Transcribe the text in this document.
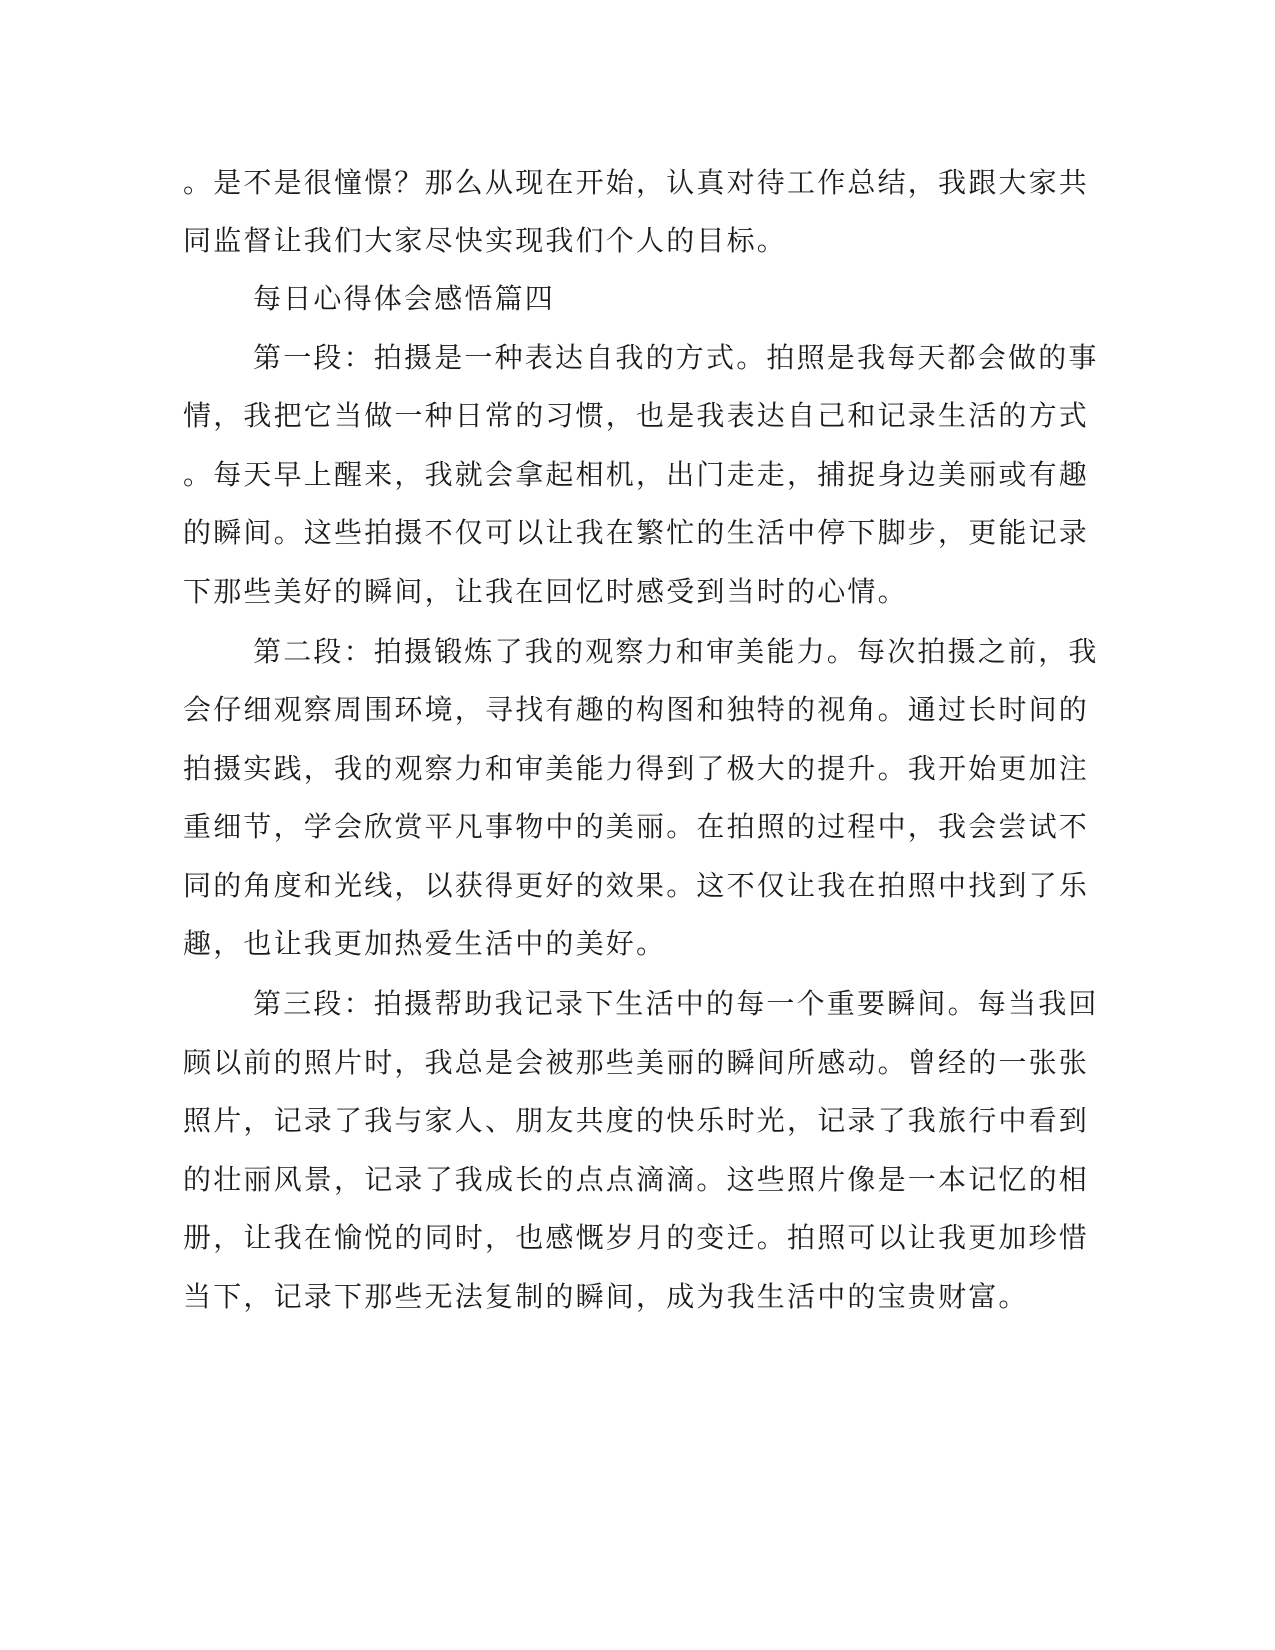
。是不是很憧憬？那么从现在开始，认真对待工作总结，我跟大家共
同监督让我们大家尽快实现我们个人的目标。
每日心得体会感悟篇四
第一段：拍摄是一种表达自我的方式。拍照是我每天都会做的事
情，我把它当做一种日常的习惯，也是我表达自己和记录生活的方式
。每天早上醒来，我就会拿起相机，出门走走，捕捉身边美丽或有趣
的瞬间。这些拍摄不仅可以让我在繁忙的生活中停下脚步，更能记录
下那些美好的瞬间，让我在回忆时感受到当时的心情。
第二段：拍摄锻炼了我的观察力和审美能力。每次拍摄之前，我
会仔细观察周围环境，寻找有趣的构图和独特的视角。通过长时间的
拍摄实践，我的观察力和审美能力得到了极大的提升。我开始更加注
重细节，学会欣赏平凡事物中的美丽。在拍照的过程中，我会尝试不
同的角度和光线，以获得更好的效果。这不仅让我在拍照中找到了乐
趣，也让我更加热爱生活中的美好。
第三段：拍摄帮助我记录下生活中的每一个重要瞬间。每当我回
顾以前的照片时，我总是会被那些美丽的瞬间所感动。曾经的一张张
照片，记录了我与家人、朋友共度的快乐时光，记录了我旅行中看到
的壮丽风景，记录了我成长的点点滴滴。这些照片像是一本记忆的相
册，让我在愉悦的同时，也感慨岁月的变迁。拍照可以让我更加珍惜
当下，记录下那些无法复制的瞬间，成为我生活中的宝贵财富。
